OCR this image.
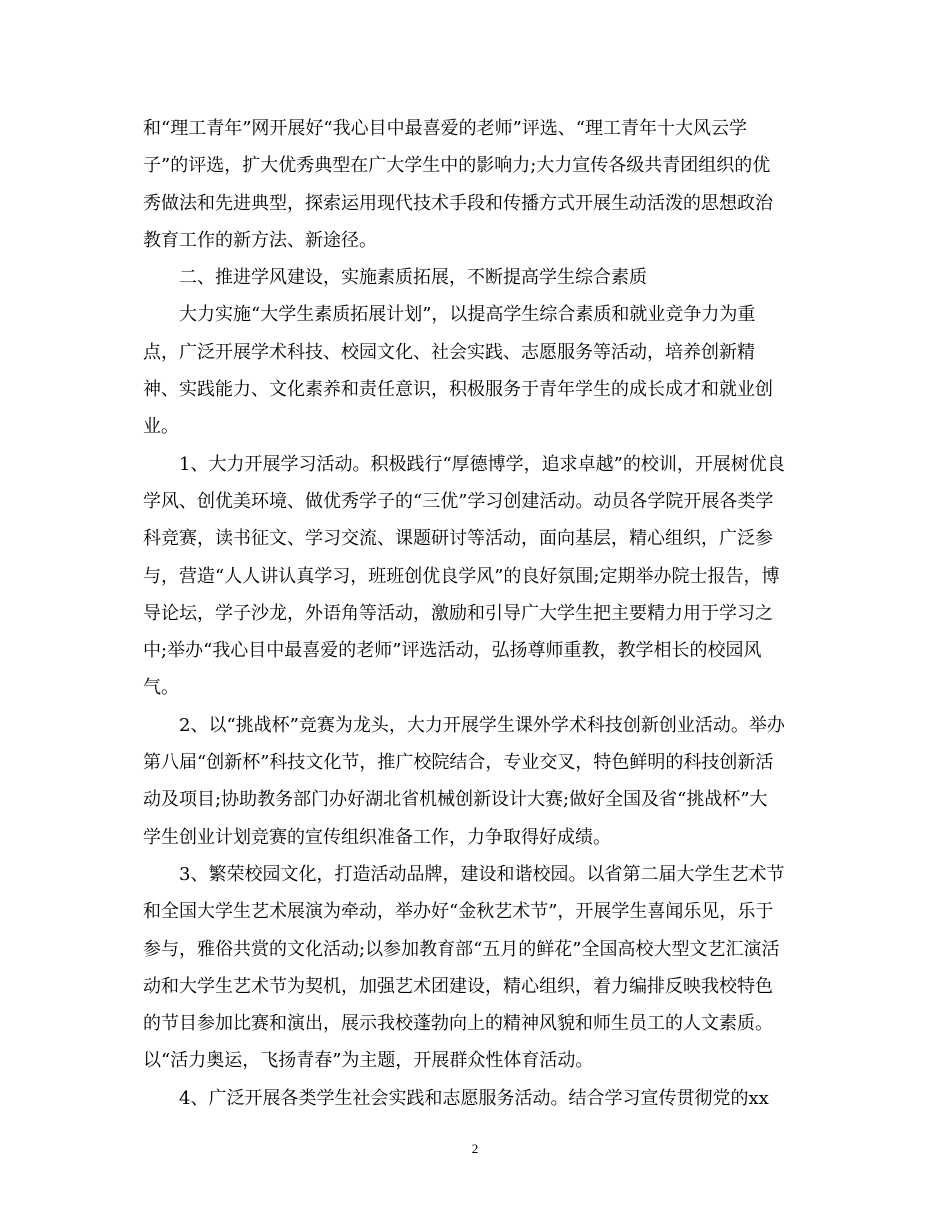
和“理工青年”网开展好“我心目中最喜爱的老师”评选、“理工青年十大风云学
子”的评选，扩大优秀典型在广大学生中的影响力;大力宣传各级共青团组织的优
秀做法和先进典型，探索运用现代技术手段和传播方式开展生动活泼的思想政治
教育工作的新方法、新途径。
二、推进学风建设，实施素质拓展，不断提高学生综合素质
大力实施“大学生素质拓展计划”，以提高学生综合素质和就业竞争力为重
点，广泛开展学术科技、校园文化、社会实践、志愿服务等活动，培养创新精
神、实践能力、文化素养和责任意识，积极服务于青年学生的成长成才和就业创
业。
1、大力开展学习活动。积极践行“厚德博学，追求卓越”的校训，开展树优良
学风、创优美环境、做优秀学子的“三优”学习创建活动。动员各学院开展各类学
科竞赛，读书征文、学习交流、课题研讨等活动，面向基层，精心组织，广泛参
与，营造“人人讲认真学习，班班创优良学风”的良好氛围;定期举办院士报告，博
导论坛，学子沙龙，外语角等活动，激励和引导广大学生把主要精力用于学习之
中;举办“我心目中最喜爱的老师”评选活动，弘扬尊师重教，教学相长的校园风
气。
2、以“挑战杯”竞赛为龙头，大力开展学生课外学术科技创新创业活动。举办
第八届“创新杯”科技文化节，推广校院结合，专业交叉，特色鲜明的科技创新活
动及项目;协助教务部门办好湖北省机械创新设计大赛;做好全国及省“挑战杯”大
学生创业计划竞赛的宣传组织准备工作，力争取得好成绩。
3、繁荣校园文化，打造活动品牌，建设和谐校园。以省第二届大学生艺术节
和全国大学生艺术展演为牵动，举办好“金秋艺术节”，开展学生喜闻乐见，乐于
参与，雅俗共赏的文化活动;以参加教育部“五月的鲜花”全国高校大型文艺汇演活
动和大学生艺术节为契机，加强艺术团建设，精心组织，着力编排反映我校特色
的节目参加比赛和演出，展示我校蓬勃向上的精神风貌和师生员工的人文素质。
以“活力奥运，飞扬青春”为主题，开展群众性体育活动。
4、广泛开展各类学生社会实践和志愿服务活动。结合学习宣传贯彻党的xx
2
